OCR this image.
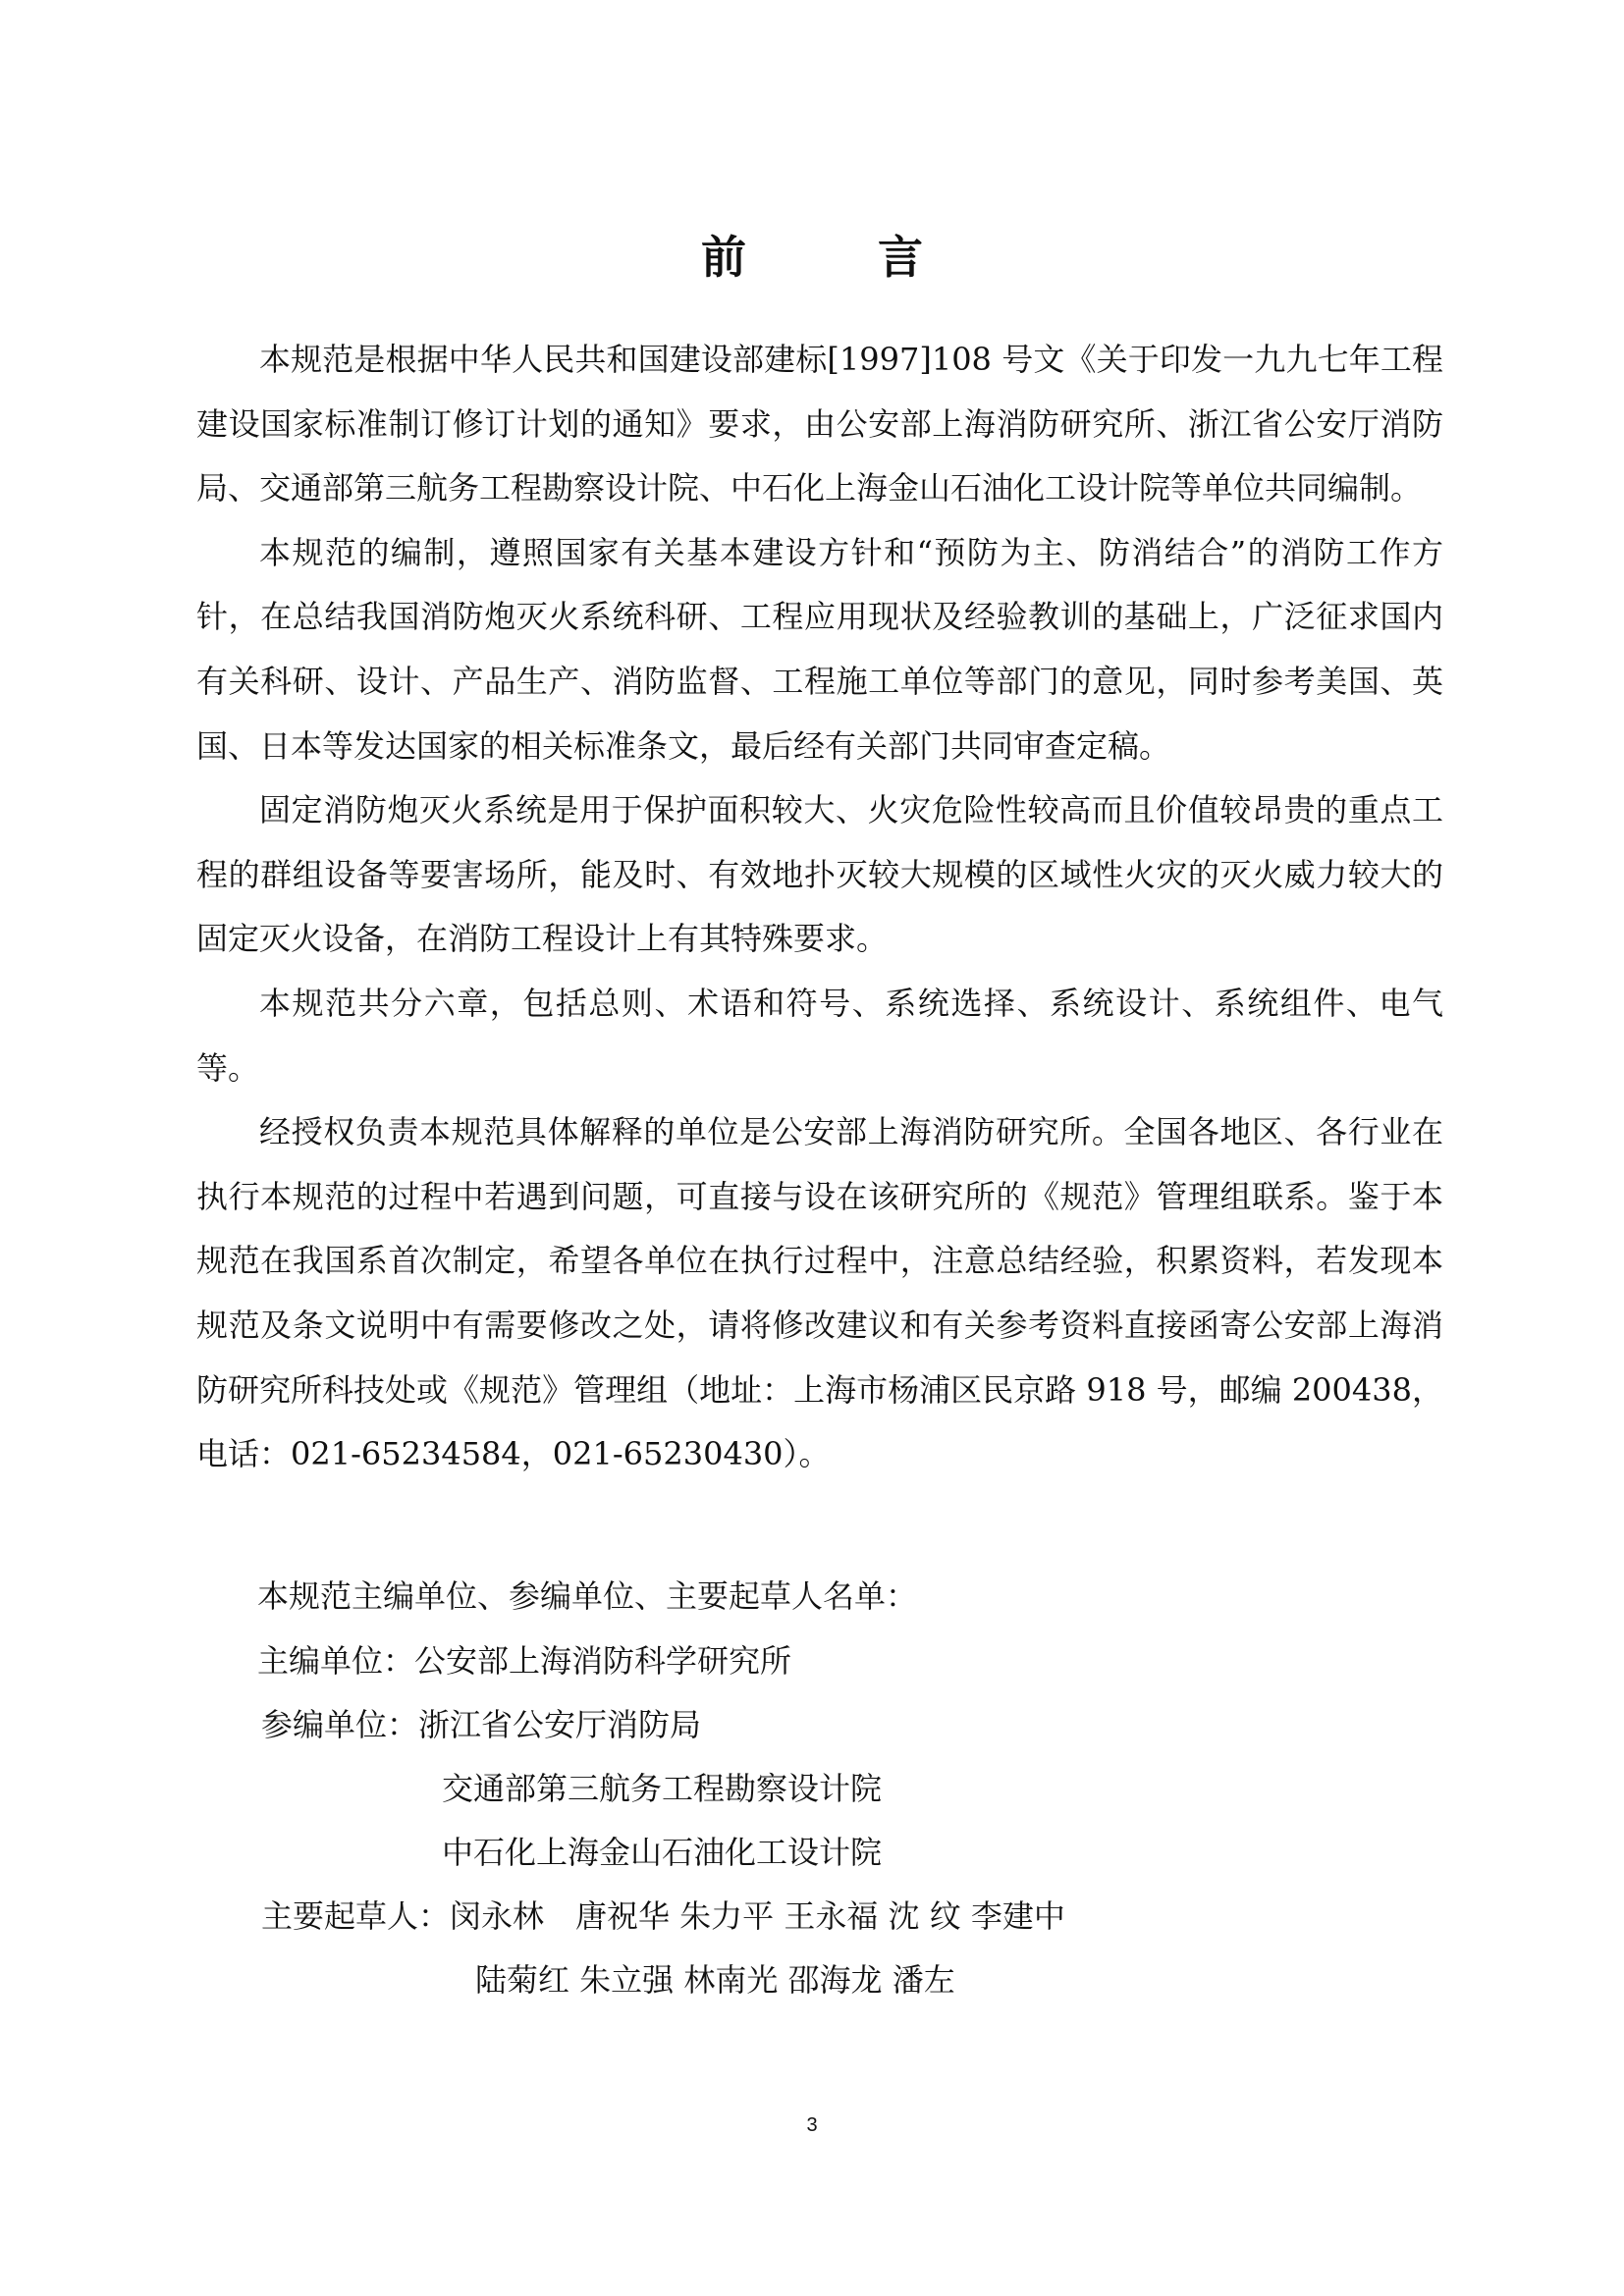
前　言

本规范是根据中华人民共和国建设部建标[1997]108 号文《关于印发一九九七年工程建设国家标准制订修订计划的通知》要求，由公安部上海消防研究所、浙江省公安厅消防局、交通部第三航务工程勘察设计院、中石化上海金山石油化工设计院等单位共同编制。

本规范的编制，遵照国家有关基本建设方针和“预防为主、防消结合”的消防工作方针，在总结我国消防炮灭火系统科研、工程应用现状及经验教训的基础上，广泛征求国内有关科研、设计、产品生产、消防监督、工程施工单位等部门的意见，同时参考美国、英国、日本等发达国家的相关标准条文，最后经有关部门共同审查定稿。

固定消防炮灭火系统是用于保护面积较大、火灾危险性较高而且价值较昂贵的重点工程的群组设备等要害场所，能及时、有效地扑灭较大规模的区域性火灾的灭火威力较大的固定灭火设备，在消防工程设计上有其特殊要求。

本规范共分六章，包括总则、术语和符号、系统选择、系统设计、系统组件、电气等。

经授权负责本规范具体解释的单位是公安部上海消防研究所。全国各地区、各行业在执行本规范的过程中若遇到问题，可直接与设在该研究所的《规范》管理组联系。鉴于本规范在我国系首次制定，希望各单位在执行过程中，注意总结经验，积累资料，若发现本规范及条文说明中有需要修改之处，请将修改建议和有关参考资料直接函寄公安部上海消防研究所科技处或《规范》管理组（地址：上海市杨浦区民京路 918 号，邮编 200438，电话：021-65234584，021-65230430）。

本规范主编单位、参编单位、主要起草人名单：
主编单位：公安部上海消防科学研究所
参编单位：浙江省公安厅消防局
交通部第三航务工程勘察设计院
中石化上海金山石油化工设计院
主要起草人：闵永林　唐祝华 朱力平 王永福 沈 纹 李建中
陆菊红 朱立强 林南光 邵海龙 潘左
3
